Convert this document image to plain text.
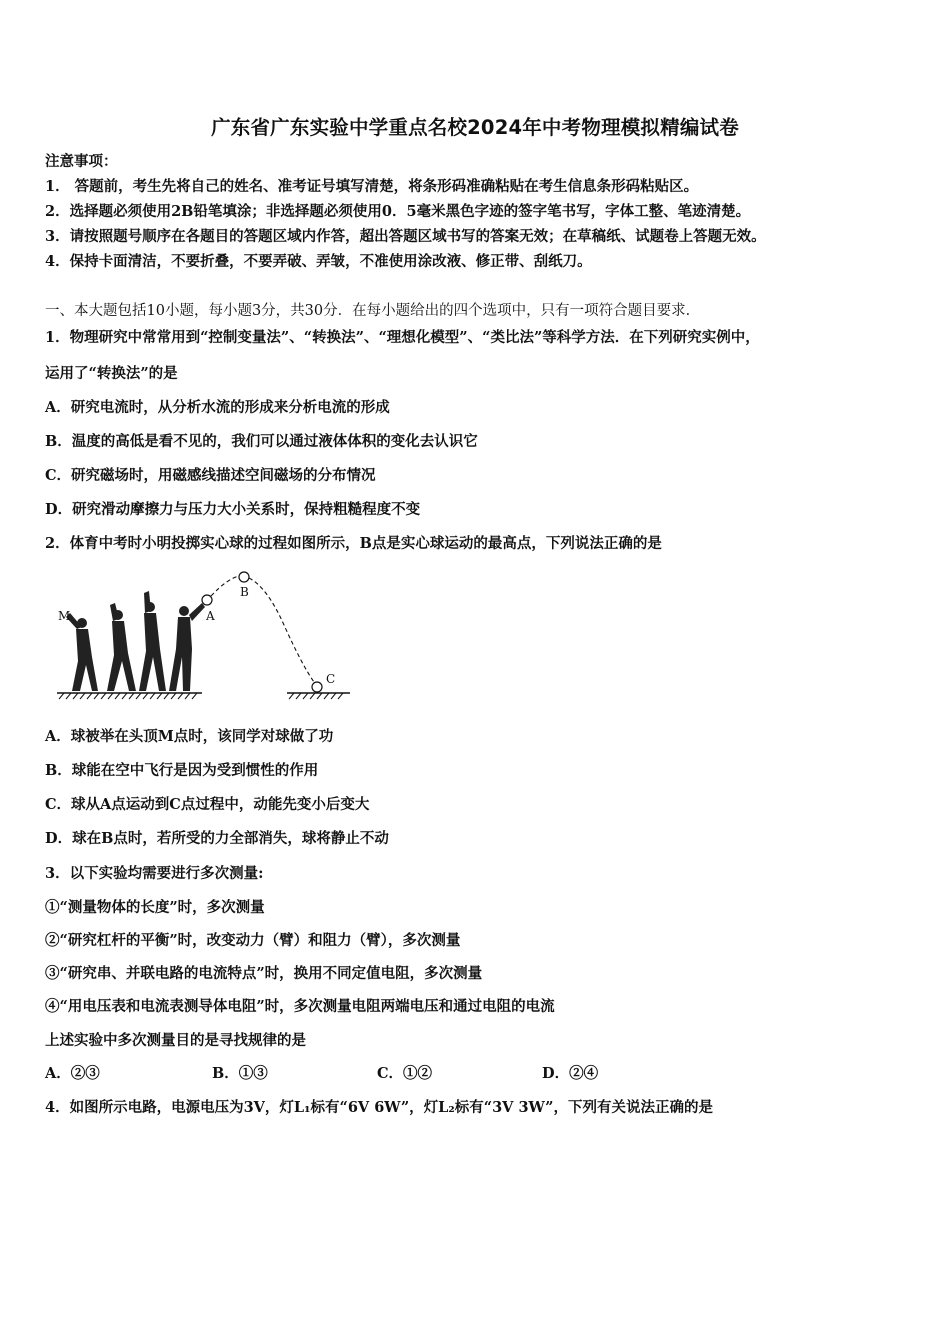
广东省广东实验中学重点名校2024年中考物理模拟精编试卷
注意事项：
1． 答题前，考生先将自己的姓名、准考证号填写清楚，将条形码准确粘贴在考生信息条形码粘贴区。
2．选择题必须使用2B铅笔填涂；非选择题必须使用0．5毫米黑色字迹的签字笔书写，字体工整、笔迹清楚。
3．请按照题号顺序在各题目的答题区域内作答，超出答题区域书写的答案无效；在草稿纸、试题卷上答题无效。
4．保持卡面清洁，不要折叠，不要弄破、弄皱，不准使用涂改液、修正带、刮纸刀。
一、本大题包括10小题，每小题3分，共30分．在每小题给出的四个选项中，只有一项符合题目要求．
1．物理研究中常常用到“控制变量法”、“转换法”、“理想化模型”、“类比法”等科学方法．在下列研究实例中，
运用了“转换法”的是
A．研究电流时，从分析水流的形成来分析电流的形成
B．温度的高低是看不见的，我们可以通过液体体积的变化去认识它
C．研究磁场时，用磁感线描述空间磁场的分布情况
D．研究滑动摩擦力与压力大小关系时，保持粗糙程度不变
2．体育中考时小明投掷实心球的过程如图所示，B点是实心球运动的最高点，下列说法正确的是
M	A
B
C
A．球被举在头顶M点时，该同学对球做了功
B．球能在空中飞行是因为受到惯性的作用
C．球从A点运动到C点过程中，动能先变小后变大
D．球在B点时，若所受的力全部消失，球将静止不动
3．以下实验均需要进行多次测量:
①“测量物体的长度”时，多次测量
②“研究杠杆的平衡”时，改变动力（臂）和阻力（臂），多次测量
③“研究串、并联电路的电流特点”时，换用不同定值电阻，多次测量
④“用电压表和电流表测导体电阻”时，多次测量电阻两端电压和通过电阻的电流
上述实验中多次测量目的是寻找规律的是
A．②③	B．①③	C．①②	D．②④
4．如图所示电路，电源电压为3V，灯L₁标有“6V 6W”，灯L₂标有“3V 3W”，下列有关说法正确的是
